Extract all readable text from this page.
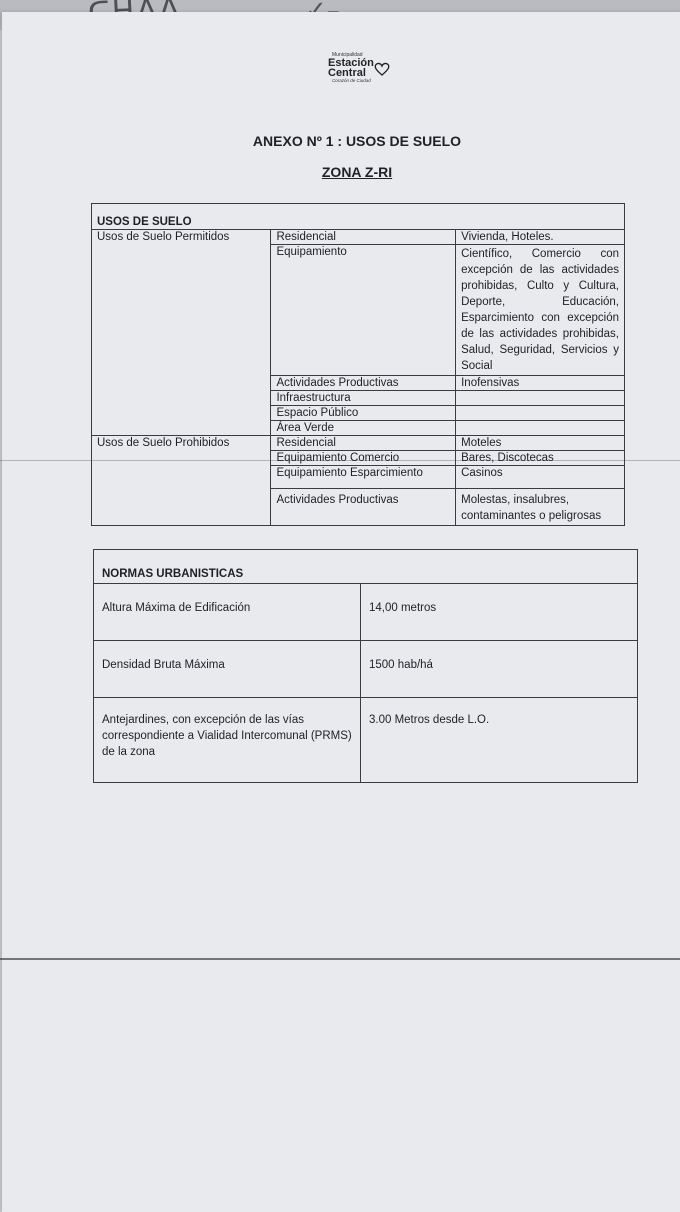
Municipalidad
Estación
Central
Corazón de Ciudad
ANEXO Nº 1 : USOS DE SUELO
ZONA Z-RI
USOS DE SUELO		
Usos de Suelo Permitidos	Residencial	Vivienda, Hoteles.
	Equipamiento	Científico, Comercio con excepción de las actividades prohibidas, Culto y Cultura, Deporte, Educación, Esparcimiento con excepción de las actividades prohibidas, Salud, Seguridad, Servicios y Social
	Actividades Productivas	Inofensivas
	Infraestructura	
	Espacio Público	
	Área Verde	
Usos de Suelo Prohibidos	Residencial	Moteles
	Equipamiento Comercio	Bares, Discotecas
	Equipamiento Esparcimiento	Casinos
	Actividades Productivas	Molestas, insalubres, contaminantes o peligrosas
NORMAS URBANISTICAS	
Altura Máxima de Edificación	14,00 metros
Densidad Bruta Máxima	1500 hab/há
Antejardines, con excepción de las vías correspondiente a Vialidad Intercomunal (PRMS) de la zona	3.00 Metros desde L.O.
